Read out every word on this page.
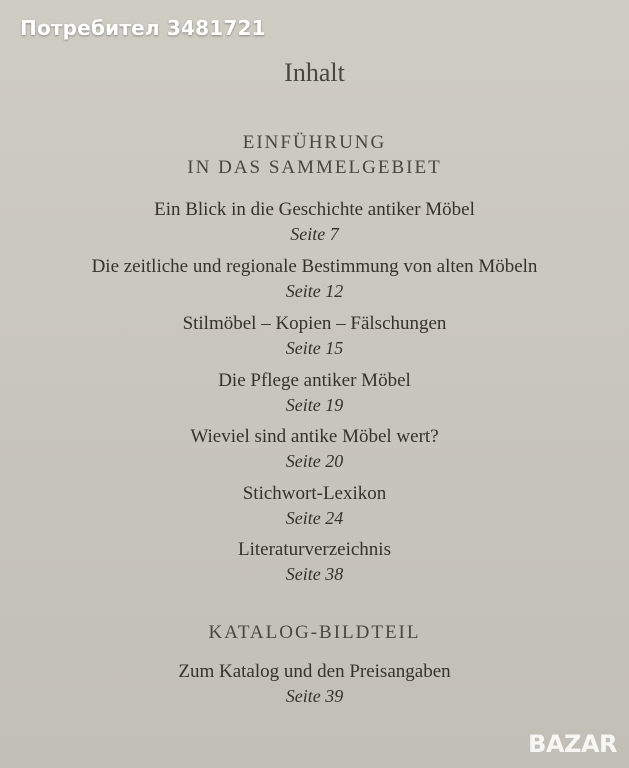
Потребител 3481721
Inhalt
EINFÜHRUNG
IN DAS SAMMELGEBIET
Ein Blick in die Geschichte antiker Möbel
Seite 7
Die zeitliche und regionale Bestimmung von alten Möbeln
Seite 12
Stilmöbel – Kopien – Fälschungen
Seite 15
Die Pflege antiker Möbel
Seite 19
Wieviel sind antike Möbel wert?
Seite 20
Stichwort-Lexikon
Seite 24
Literaturverzeichnis
Seite 38
KATALOG-BILDTEIL
Zum Katalog und den Preisangaben
Seite 39
BAZAR
